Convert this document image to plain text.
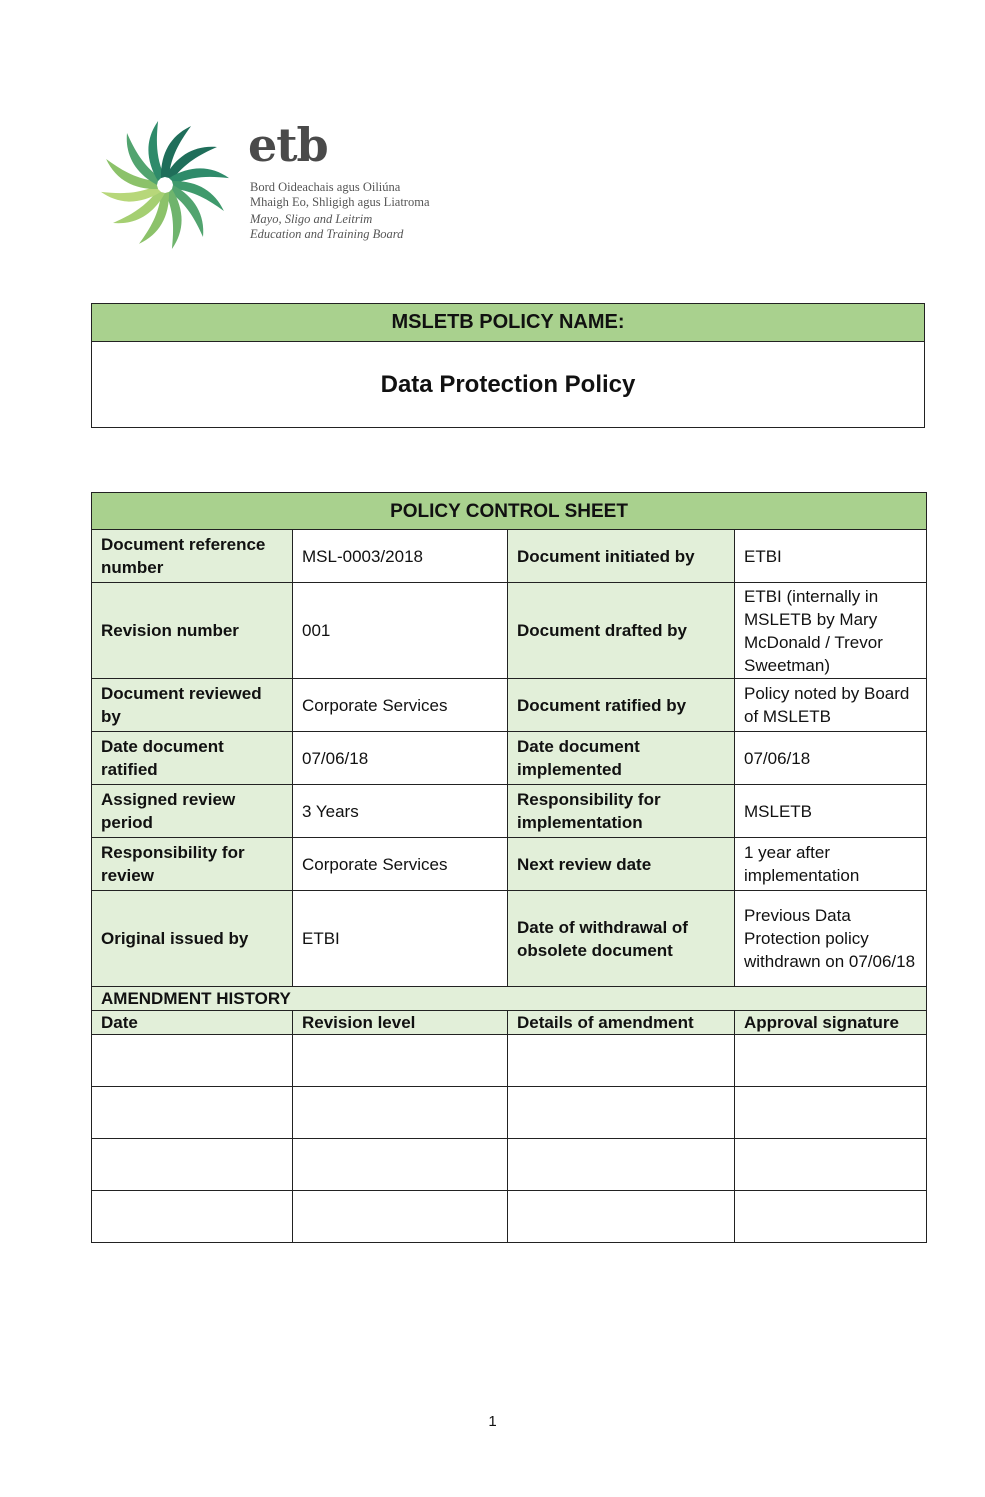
etb
Bord Oideachais agus Oiliúna
Mhaigh Eo, Shligigh agus Liatroma
Mayo, Sligo and Leitrim
Education and Training Board
MSLETB POLICY NAME:
Data Protection Policy
POLICY CONTROL SHEET			
Document reference number	MSL-0003/2018	Document initiated by	ETBI
Revision number	001	Document drafted by	ETBI (internally in MSLETB by Mary McDonald / Trevor Sweetman)
Document reviewed by	Corporate Services	Document ratified by	Policy noted by Board of MSLETB
Date document ratified	07/06/18	Date document implemented	07/06/18
Assigned review period	3 Years	Responsibility for implementation	MSLETB
Responsibility for review	Corporate Services	Next review date	1 year after implementation
Original issued by	ETBI	Date of withdrawal of obsolete document	Previous Data Protection policy withdrawn on 07/06/18
AMENDMENT HISTORY			
Date	Revision level	Details of amendment	Approval signature

1
